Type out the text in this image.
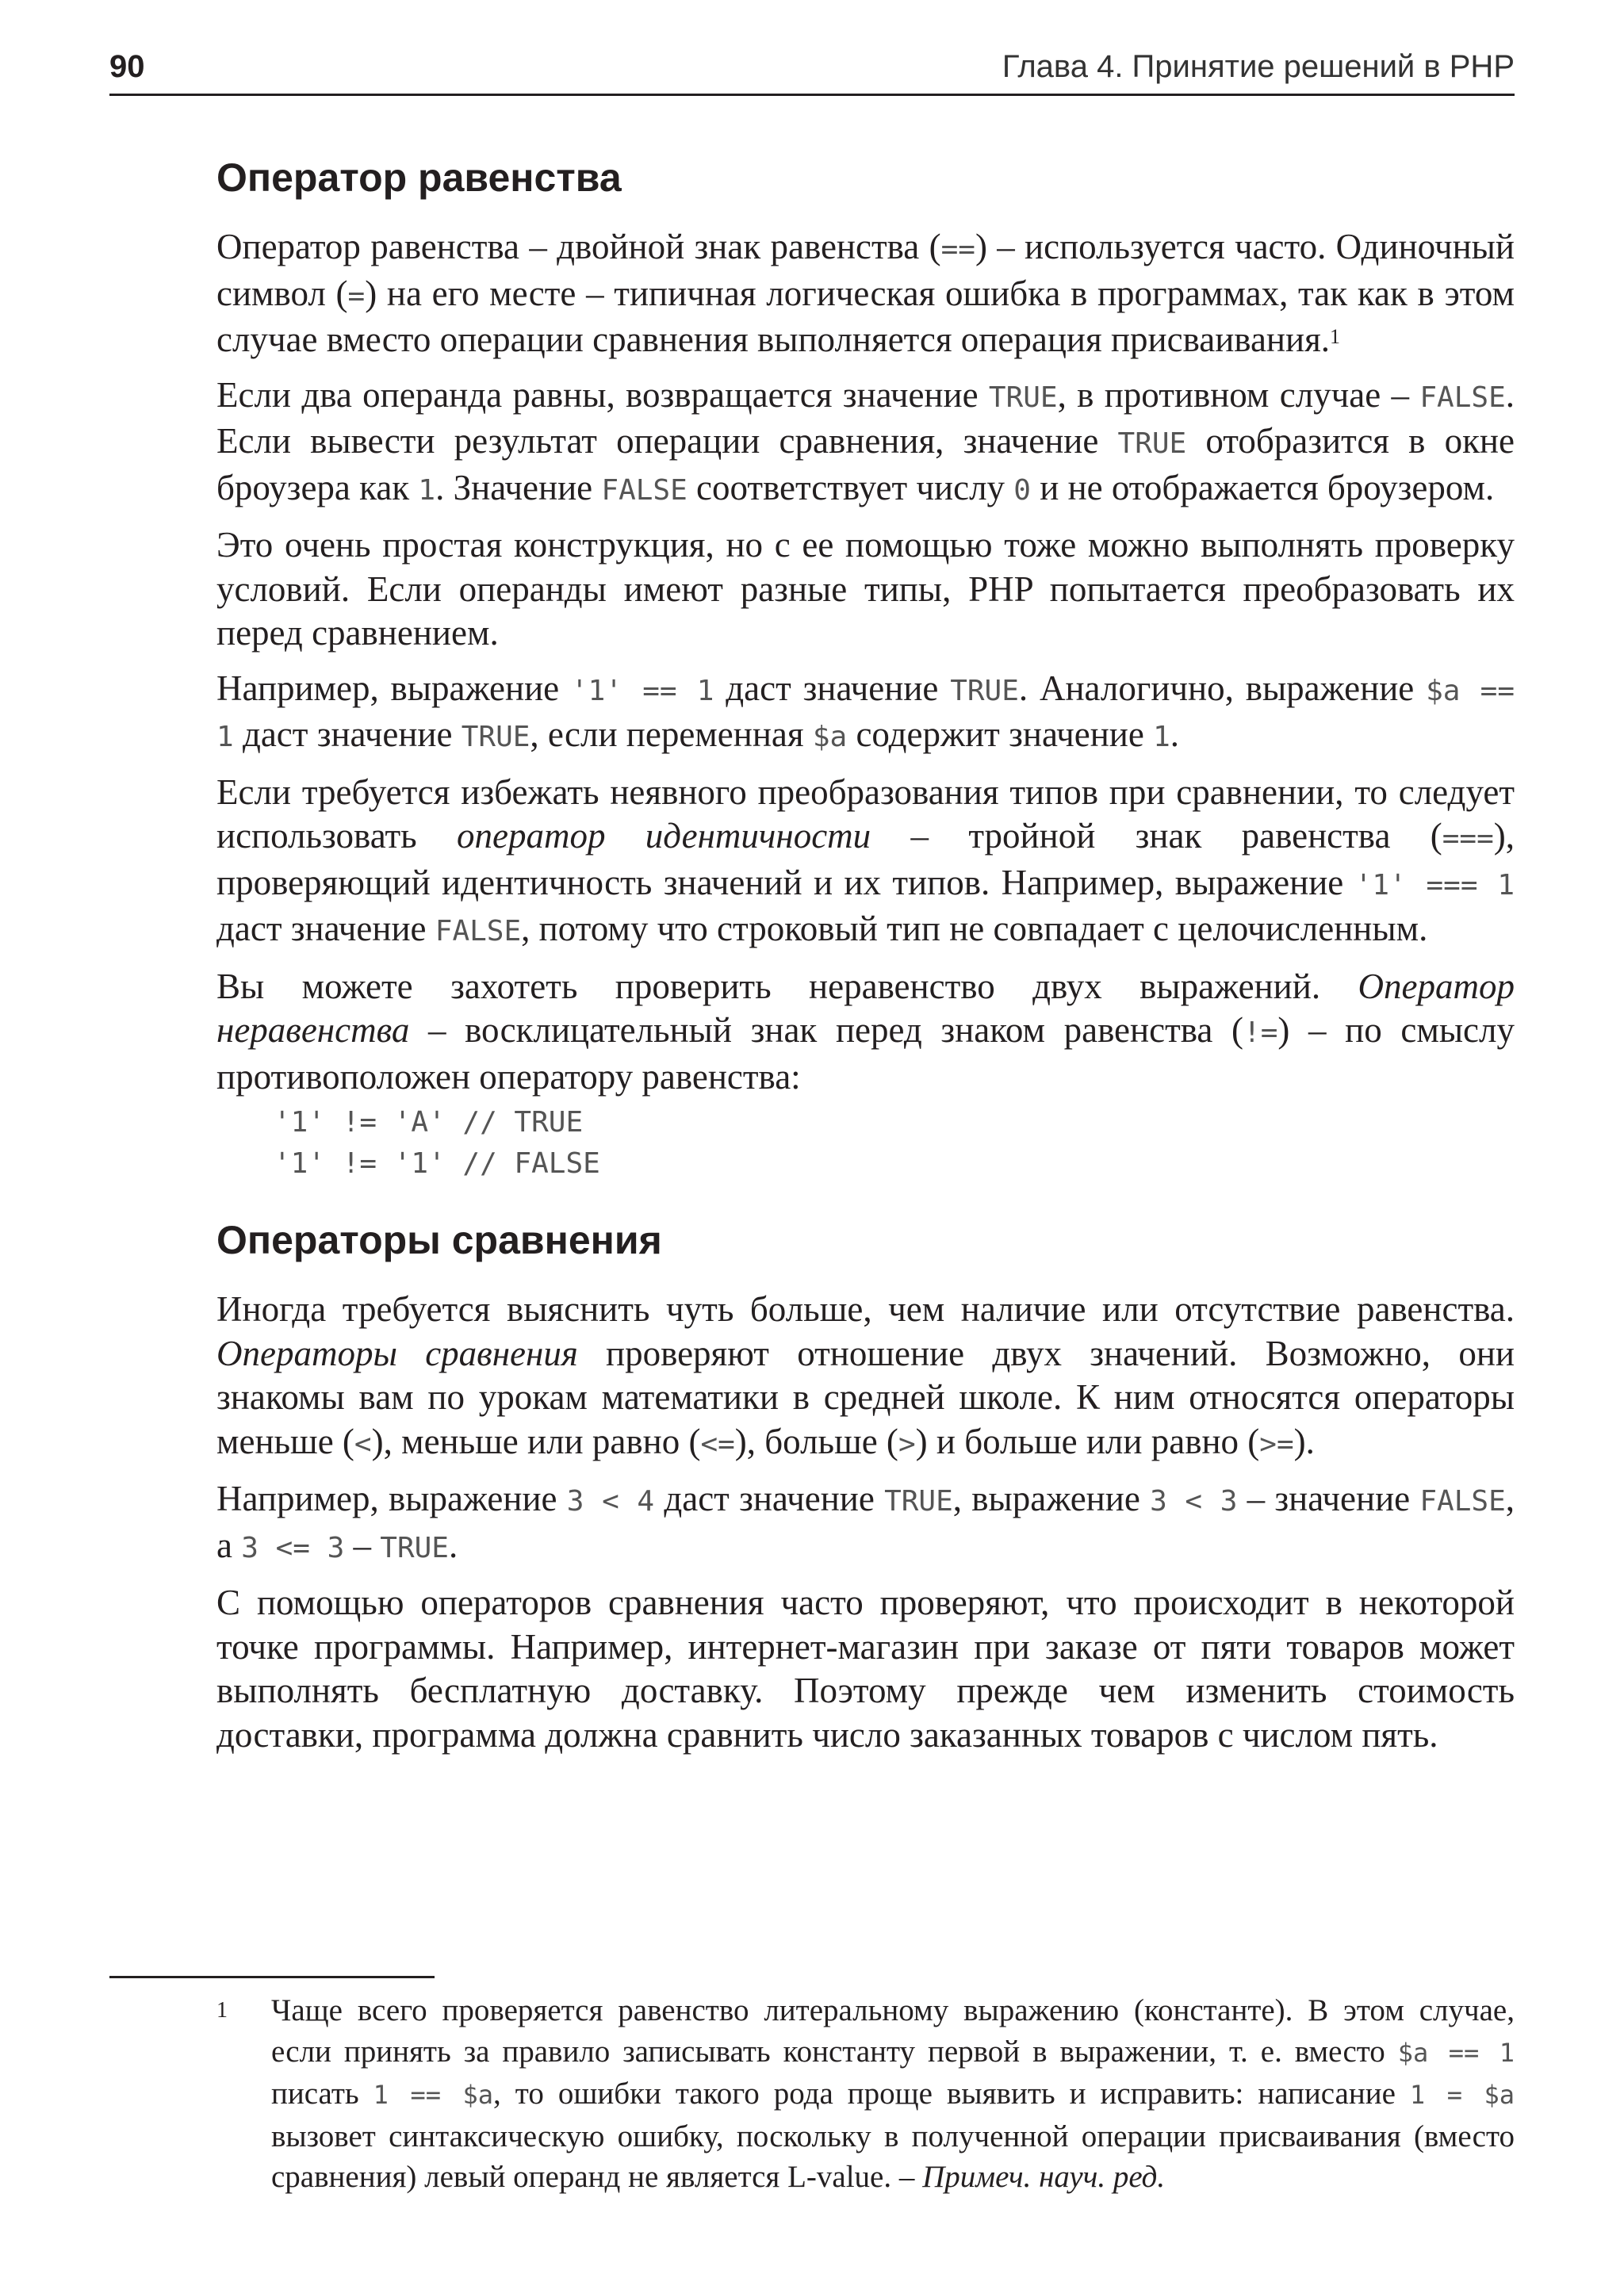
90	Глава 4. Принятие решений в PHP
Оператор равенства

Оператор равенства – двойной знак равенства (==) – используется часто. Одиночный символ (=) на его месте – типичная логическая ошибка в программах, так как в этом случае вместо операции сравнения выполняется операция присваивания.$^1$

Если два операнда равны, возвращается значение TRUE, в противном случае – FALSE. Если вывести результат операции сравнения, значение TRUE отобразится в окне броузера как 1. Значение FALSE соответствует числу 0 и не отображается броузером.

Это очень простая конструкция, но с ее помощью тоже можно выполнять проверку условий. Если операнды имеют разные типы, PHP попытается преобразовать их перед сравнением.

Например, выражение '1' == 1 даст значение TRUE. Аналогично, выражение $a == 1 даст значение TRUE, если переменная $a содержит значение 1.

Если требуется избежать неявного преобразования типов при сравнении, то следует использовать оператор идентичности – тройной знак равенства (===), проверяющий идентичность значений и их типов. Например, выражение '1' === 1 даст значение FALSE, потому что строковый тип не совпадает с целочисленным.

Вы можете захотеть проверить неравенство двух выражений. Оператор неравенства – восклицательный знак перед знаком равенства (!=) – по смыслу противоположен оператору равенства:

'1' != 'A' // TRUE
'1' != '1' // FALSE
Операторы сравнения

Иногда требуется выяснить чуть больше, чем наличие или отсутствие равенства. Операторы сравнения проверяют отношение двух значений. Возможно, они знакомы вам по урокам математики в средней школе. К ним относятся операторы меньше (<), меньше или равно (<=), больше (>) и больше или равно (>=).

Например, выражение 3 < 4 даст значение TRUE, выражение 3 < 3 – значение FALSE, а 3 <= 3 – TRUE.

С помощью операторов сравнения часто проверяют, что происходит в некоторой точке программы. Например, интернет-магазин при заказе от пяти товаров может выполнять бесплатную доставку. Поэтому прежде чем изменить стоимость доставки, программа должна сравнить число заказанных товаров с числом пять.

1 Чаще всего проверяется равенство литеральному выражению (константе). В этом случае, если принять за правило записывать константу первой в выражении, т. е. вместо $a == 1 писать 1 == $a, то ошибки такого рода проще выявить и исправить: написание 1 = $a вызовет синтаксическую ошибку, поскольку в полученной операции присваивания (вместо сравнения) левый операнд не является L-value. – Примеч. науч. ред.
